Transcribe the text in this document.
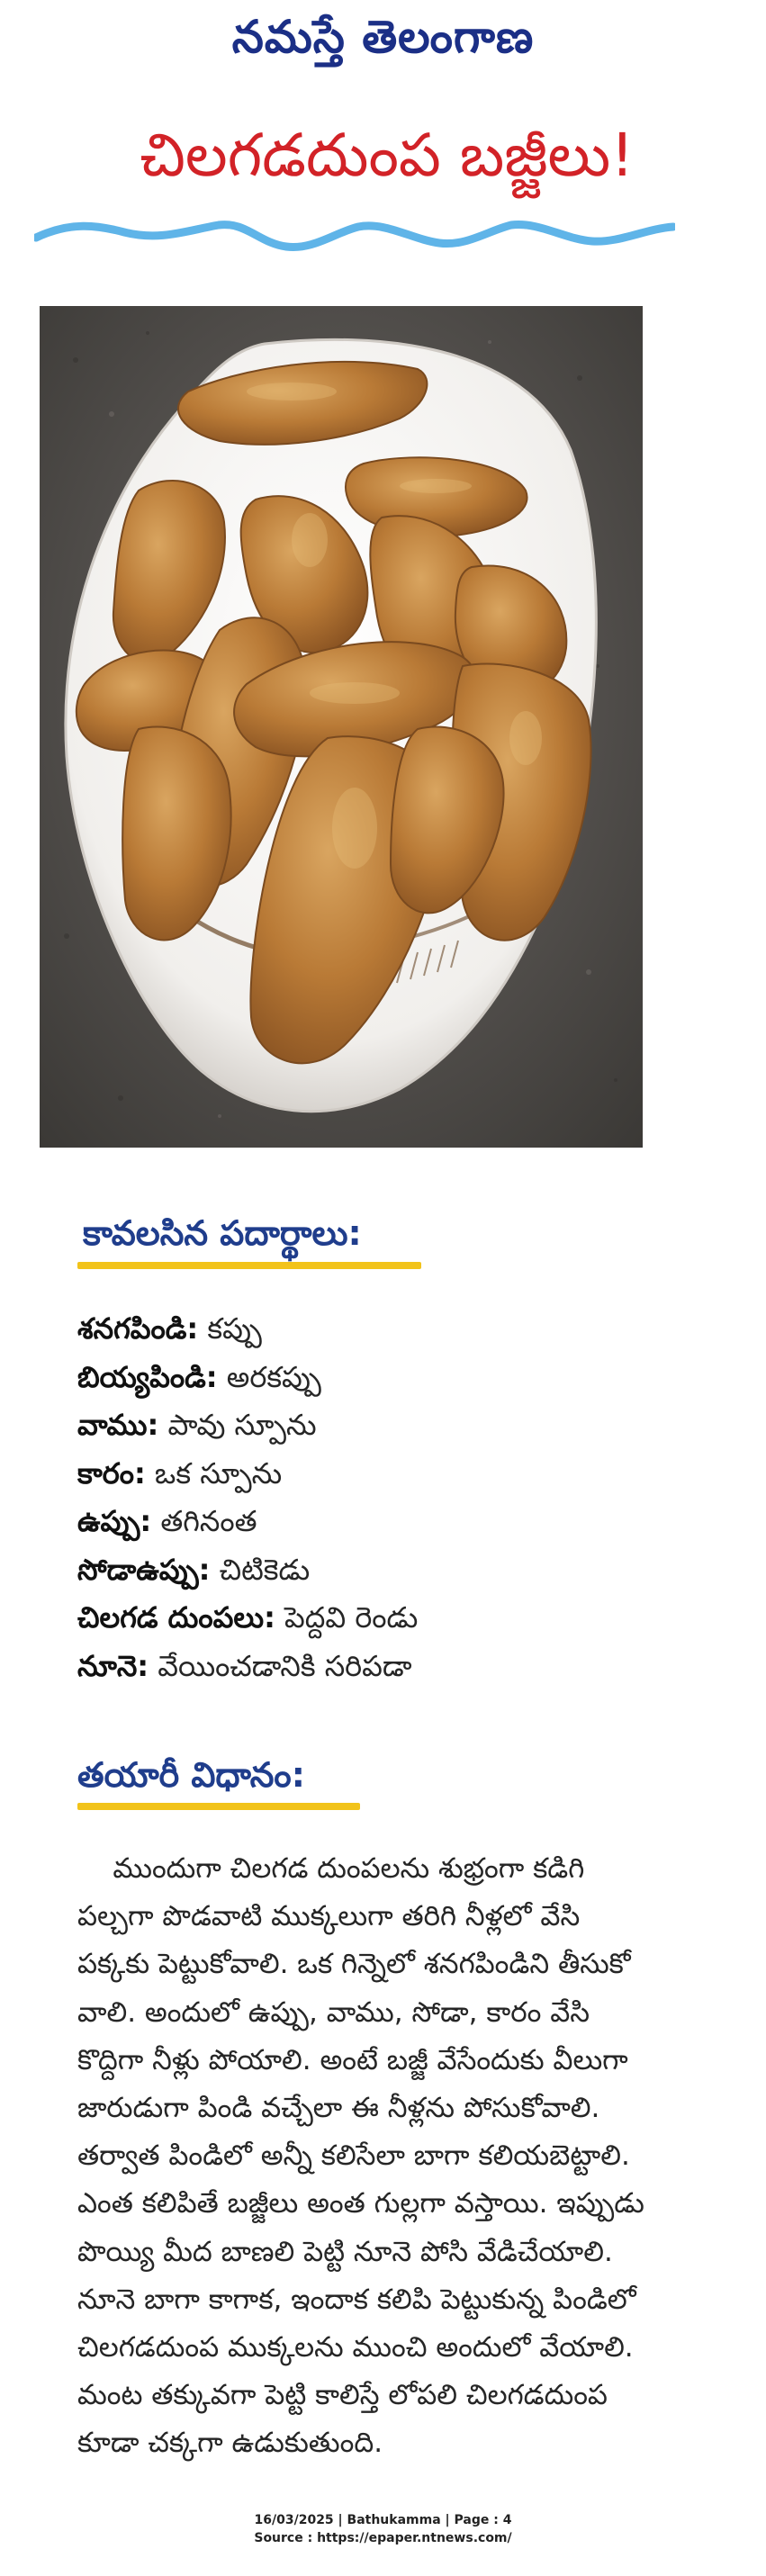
నమస్తే తెలంగాణ
చిలగడదుంప బజ్జీలు!
కావలసిన పదార్థాలు:
శనగపిండి: కప్పు
బియ్యపిండి: అరకప్పు
వాము: పావు స్పూను
కారం: ఒక స్పూను
ఉప్పు: తగినంత
సోడాఉప్పు: చిటికెడు
చిలగడ దుంపలు: పెద్దవి రెండు
నూనె: వేయించడానికి సరిపడా
తయారీ విధానం:
ముందుగా చిలగడ దుంపలను శుభ్రంగా కడిగి
పల్చగా పొడవాటి ముక్కలుగా తరిగి నీళ్లలో వేసి
పక్కకు పెట్టుకోవాలి. ఒక గిన్నెలో శనగపిండిని తీసుకో
వాలి. అందులో ఉప్పు, వాము, సోడా, కారం వేసి
కొద్దిగా నీళ్లు పోయాలి. అంటే బజ్జీ వేసేందుకు వీలుగా
జారుడుగా పిండి వచ్చేలా ఈ నీళ్లను పోసుకోవాలి.
తర్వాత పిండిలో అన్నీ కలిసేలా బాగా కలియబెట్టాలి.
ఎంత కలిపితే బజ్జీలు అంత గుల్లగా వస్తాయి. ఇప్పుడు
పొయ్యి మీద బాణలి పెట్టి నూనె పోసి వేడిచేయాలి.
నూనె బాగా కాగాక, ఇందాక కలిపి పెట్టుకున్న పిండిలో
చిలగడదుంప ముక్కలను ముంచి అందులో వేయాలి.
మంట తక్కువగా పెట్టి కాలిస్తే లోపలి చిలగడదుంప
కూడా చక్కగా ఉడుకుతుంది.
16/03/2025 | Bathukamma | Page : 4
Source : https://epaper.ntnews.com/
